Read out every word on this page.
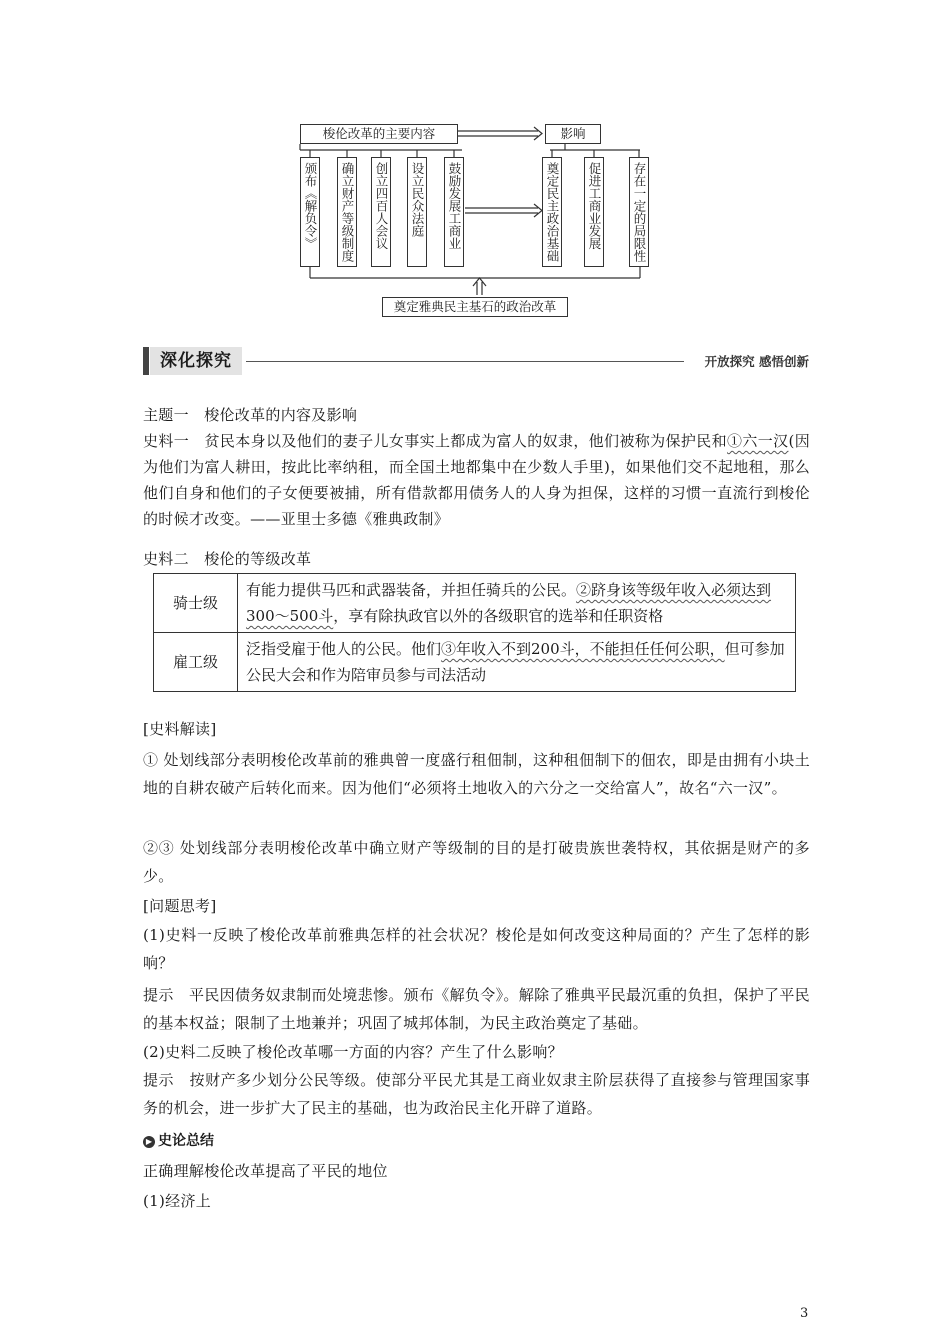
梭伦改革的主要内容	影响
颁布《解负令》 确立财产等级制度 创立四百人会议 设立民众法庭 鼓励发展工商业	奠定民主政治基础 促进工商业发展 存在一定的局限性
奠定雅典民主基石的政治改革
深化探究	开放探究 感悟创新
主题一　梭伦改革的内容及影响
史料一　贫民本身以及他们的妻子儿女事实上都成为富人的奴隶，他们被称为保护民和①六一汉(因为他们为富人耕田，按此比率纳租，而全国土地都集中在少数人手里)，如果他们交不起地租，那么他们自身和他们的子女便要被捕，所有借款都用债务人的人身为担保，这样的习惯一直流行到梭伦的时候才改变。——亚里士多德《雅典政制》
史料二　梭伦的等级改革
骑士级	有能力提供马匹和武器装备，并担任骑兵的公民。②跻身该等级年收入必须达到300～500斗，享有除执政官以外的各级职官的选举和任职资格
雇工级	泛指受雇于他人的公民。他们③年收入不到200斗，不能担任任何公职，但可参加公民大会和作为陪审员参与司法活动
[史料解读]
① 处划线部分表明梭伦改革前的雅典曾一度盛行租佃制，这种租佃制下的佃农，即是由拥有小块土地的自耕农破产后转化而来。因为他们“必须将土地收入的六分之一交给富人”，故名“六一汉”。
②③ 处划线部分表明梭伦改革中确立财产等级制的目的是打破贵族世袭特权，其依据是财产的多少。
[问题思考]
(1)史料一反映了梭伦改革前雅典怎样的社会状况？梭伦是如何改变这种局面的？产生了怎样的影响？
提示　平民因债务奴隶制而处境悲惨。颁布《解负令》。解除了雅典平民最沉重的负担，保护了平民的基本权益；限制了土地兼并；巩固了城邦体制，为民主政治奠定了基础。
(2)史料二反映了梭伦改革哪一方面的内容？产生了什么影响？
提示　按财产多少划分公民等级。使部分平民尤其是工商业奴隶主阶层获得了直接参与管理国家事务的机会，进一步扩大了民主的基础，也为政治民主化开辟了道路。
▶ 史论总结
正确理解梭伦改革提高了平民的地位
(1)经济上
3
